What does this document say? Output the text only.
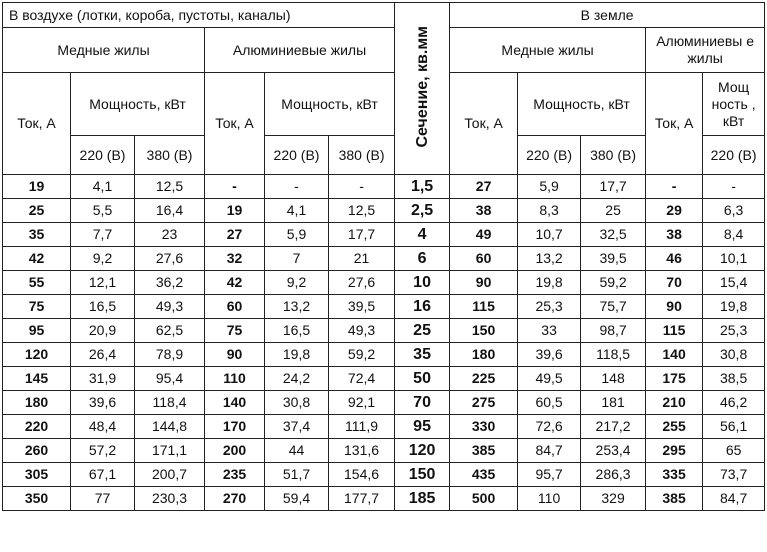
В воздухе (лотки, короба, пустоты, каналы)						Сечение, кв.мм	В земле				
Медные жилы			Алюминиевые жилы				Медные жилы			Алюминиевы е жилы	
Ток, А	Мощность, кВт		Ток, А	Мощность, кВт			Ток, А	Мощность, кВт		Ток, А	Мощ ность , кВт
	220 (В)	380 (В)		220 (В)	380 (В)			220 (В)	380 (В)		220 (В)
19	4,1	12,5	-	-	-	1,5	27	5,9	17,7	-	-
25	5,5	16,4	19	4,1	12,5	2,5	38	8,3	25	29	6,3
35	7,7	23	27	5,9	17,7	4	49	10,7	32,5	38	8,4
42	9,2	27,6	32	7	21	6	60	13,2	39,5	46	10,1
55	12,1	36,2	42	9,2	27,6	10	90	19,8	59,2	70	15,4
75	16,5	49,3	60	13,2	39,5	16	115	25,3	75,7	90	19,8
95	20,9	62,5	75	16,5	49,3	25	150	33	98,7	115	25,3
120	26,4	78,9	90	19,8	59,2	35	180	39,6	118,5	140	30,8
145	31,9	95,4	110	24,2	72,4	50	225	49,5	148	175	38,5
180	39,6	118,4	140	30,8	92,1	70	275	60,5	181	210	46,2
220	48,4	144,8	170	37,4	111,9	95	330	72,6	217,2	255	56,1
260	57,2	171,1	200	44	131,6	120	385	84,7	253,4	295	65
305	67,1	200,7	235	51,7	154,6	150	435	95,7	286,3	335	73,7
350	77	230,3	270	59,4	177,7	185	500	110	329	385	84,7
